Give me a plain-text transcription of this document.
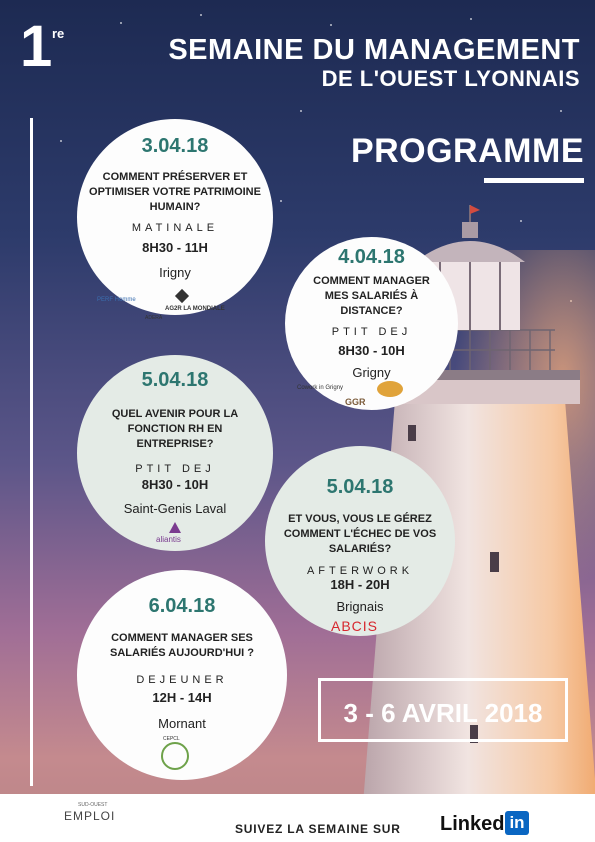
1 re
SEMAINE DU MANAGEMENT
DE L'OUEST LYONNAIS
PROGRAMME
3.04.18
COMMENT PRÉSERVER ET
OPTIMISER VOTRE PATRIMOINE
HUMAIN?
MATINALE
8H30 - 11H
Irigny
PERF Homme
AG2R LA MONDIALE
ADERA
4.04.18
COMMENT MANAGER
MES SALARIÉS À
DISTANCE?
PTIT DEJ
8H30 - 10H
Grigny
Cowork in Grigny
GGR
5.04.18
QUEL AVENIR POUR LA
FONCTION RH EN
ENTREPRISE?
PTIT DEJ
8H30 - 10H
Saint-Genis Laval
aliantis
5.04.18
ET VOUS, VOUS LE GÉREZ
COMMENT L'ÉCHEC DE VOS
SALARIÉS?
AFTERWORK
18H - 20H
Brignais
ABCIS
6.04.18
COMMENT MANAGER SES
SALARIÉS AUJOURD'HUI ?
DEJEUNER
12H - 14H
Mornant
CEPCL
3 - 6 AVRIL 2018
SUD-OUEST
EMPLOI
SUIVEZ LA SEMAINE SUR Linked in
